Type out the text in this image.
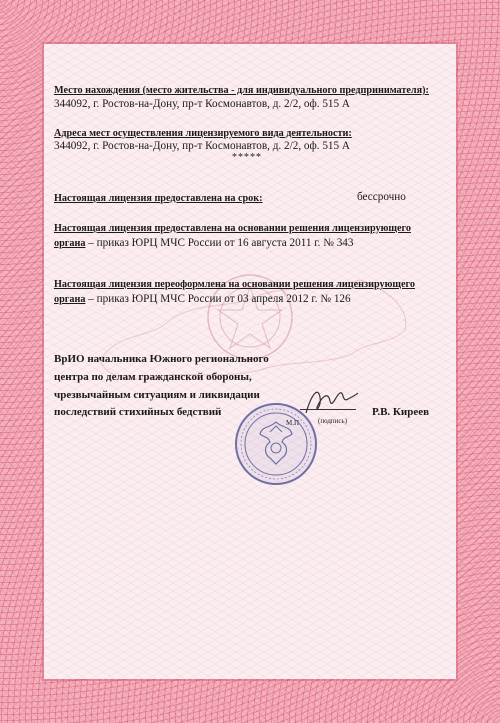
Место нахождения (место жительства - для индивидуального предпринимателя):
344092, г. Ростов-на-Дону, пр-т Космонавтов, д. 2/2, оф. 515 А
Адреса мест осуществления лицензируемого вида деятельности:
344092, г. Ростов-на-Дону, пр-т Космонавтов, д. 2/2, оф. 515 А
*****
Настоящая лицензия предоставлена на срок:	бессрочно
Настоящая лицензия предоставлена на основании решения лицензирующего
органа – приказ ЮРЦ МЧС России от 16 августа 2011 г. № 343
Настоящая лицензия переоформлена на основании решения лицензирующего
органа – приказ ЮРЦ МЧС России от 03 апреля 2012 г. № 126
ВрИО начальника Южного регионального
центра по делам гражданской обороны,
чрезвычайным ситуациям и ликвидации
последствий стихийных бедствий	Р.В. Киреев
(подпись)
